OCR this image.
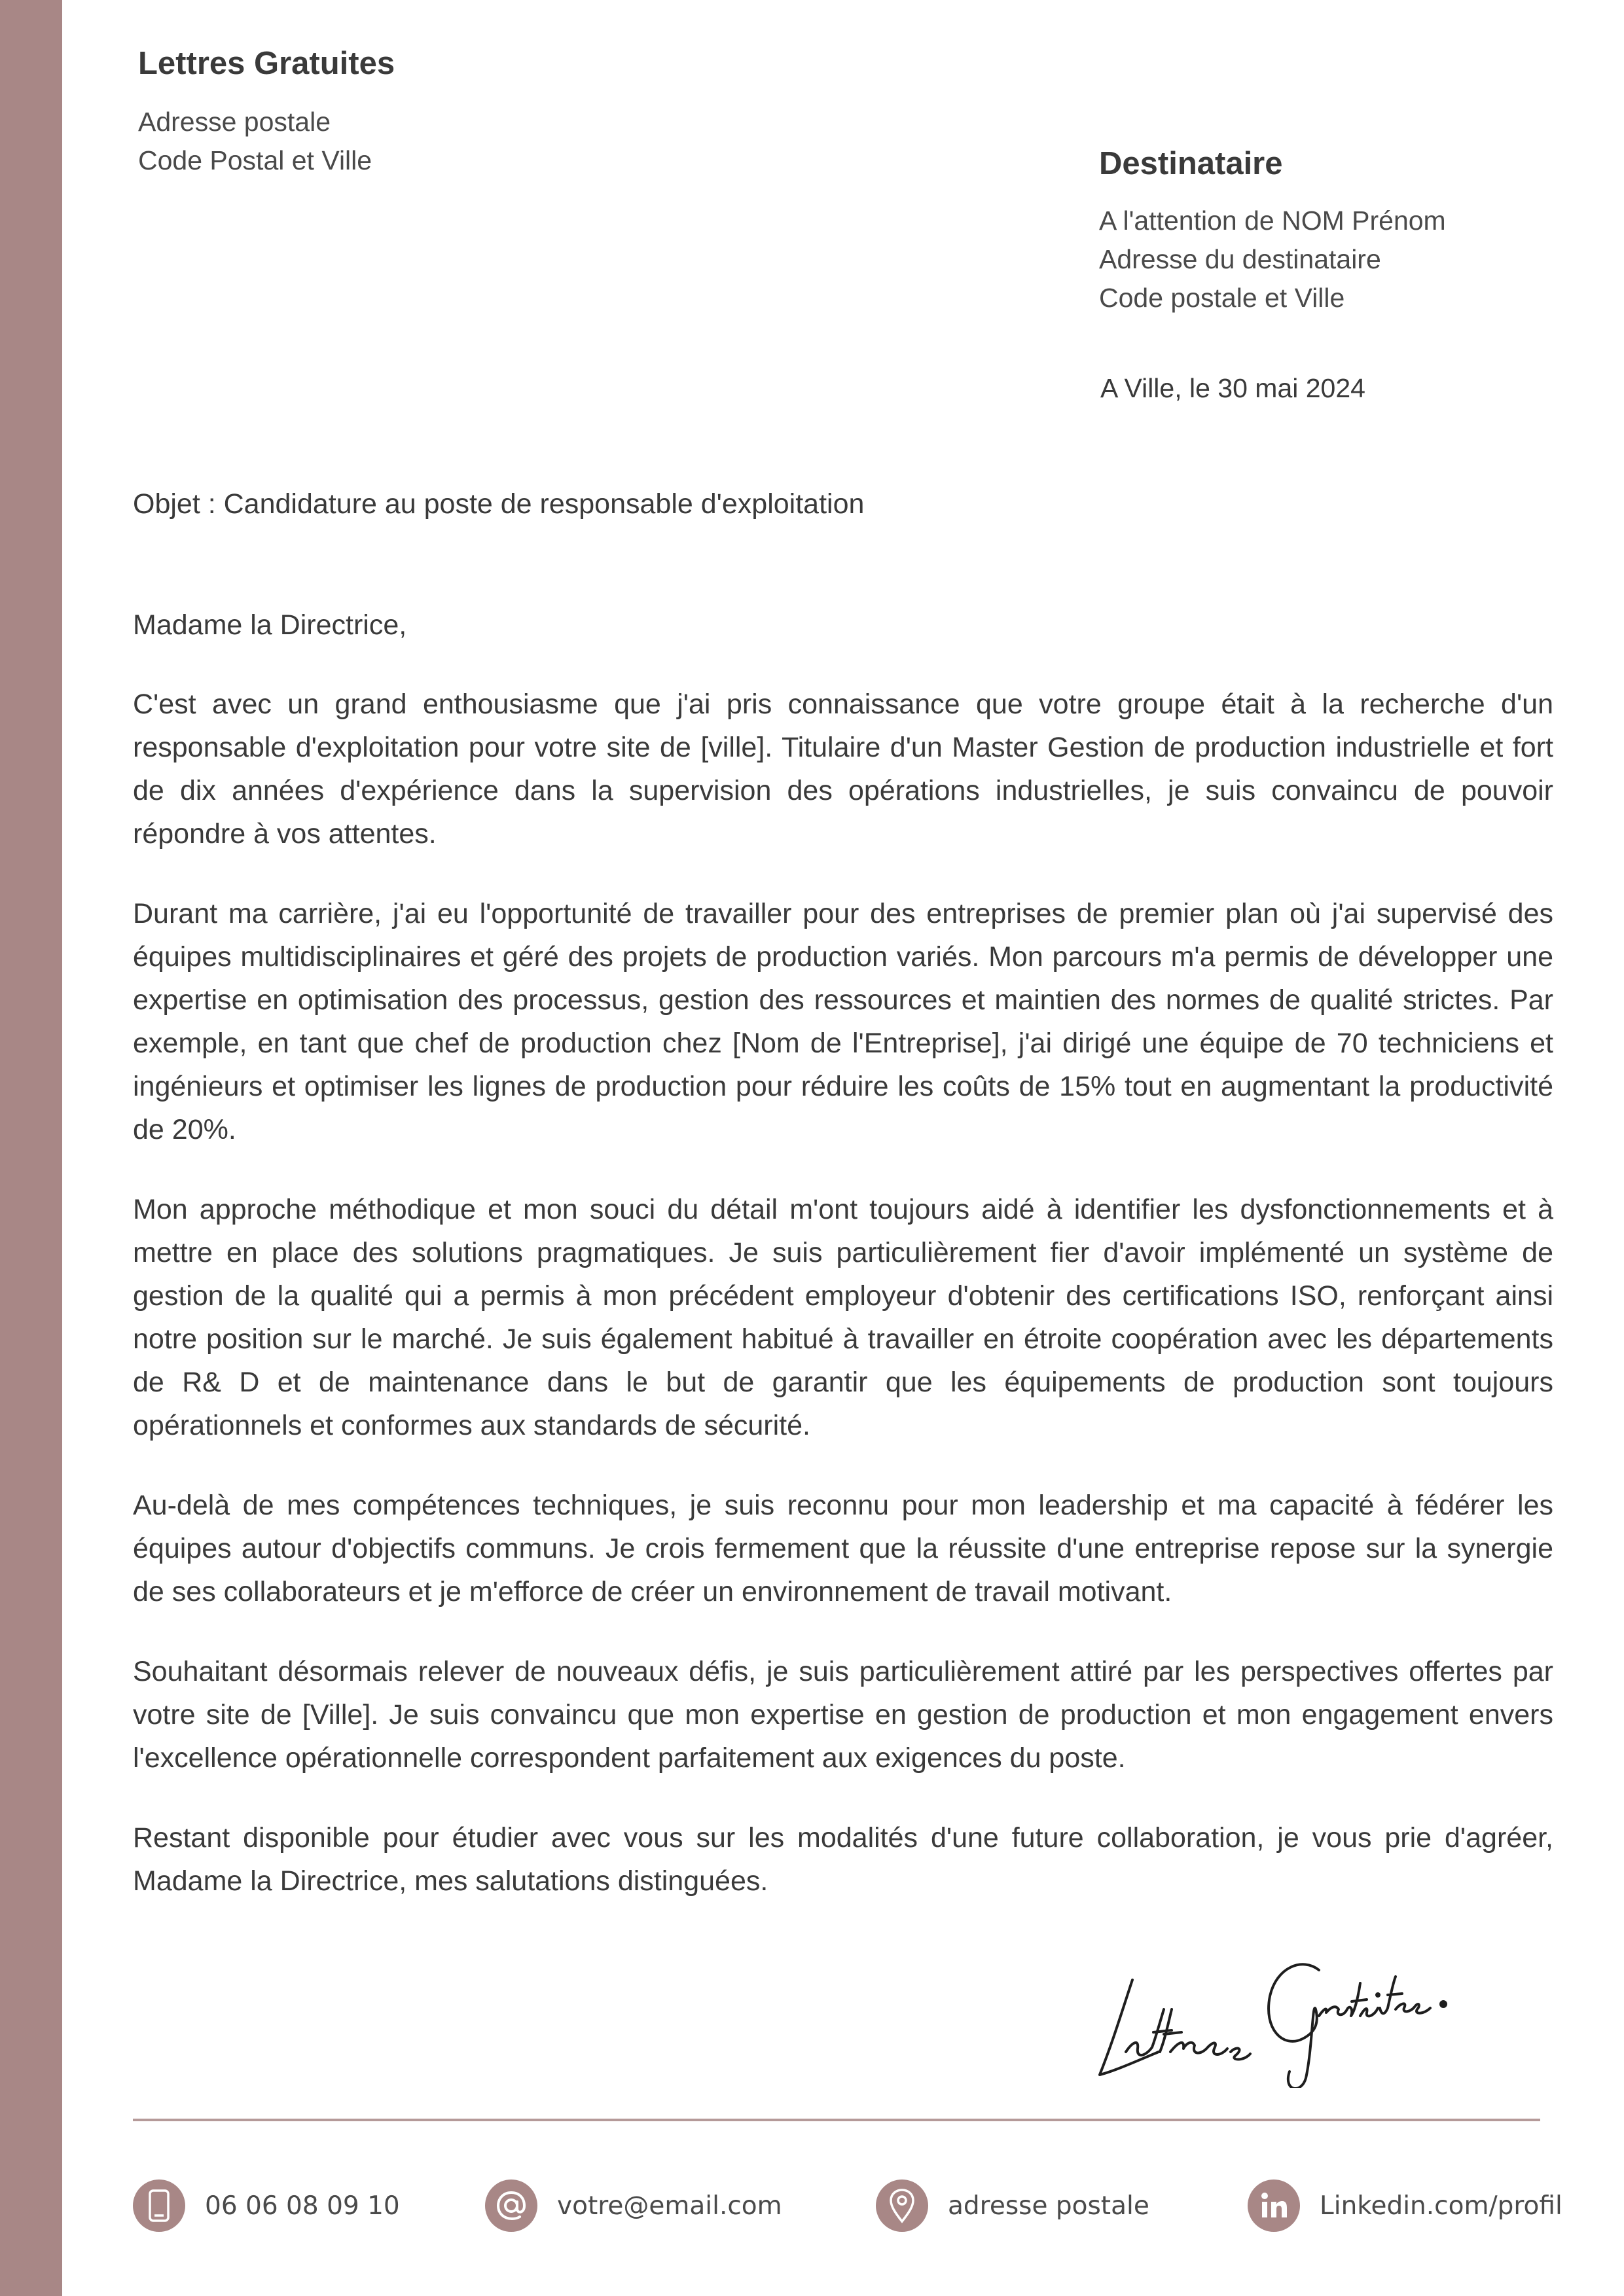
Lettres Gratuites
Adresse postale
Code Postal et Ville	Destinataire
A l'attention de NOM Prénom
Adresse du destinataire
Code postale et Ville
A Ville, le 30 mai 2024
Objet : Candidature au poste de responsable d'exploitation

Madame la Directrice,

C'est avec un grand enthousiasme que j'ai pris connaissance que votre groupe était à la recherche d'un responsable d'exploitation pour votre site de [ville]. Titulaire d'un Master Gestion de production industrielle et fort de dix années d'expérience dans la supervision des opérations industrielles, je suis convaincu de pouvoir répondre à vos attentes.

Durant ma carrière, j'ai eu l'opportunité de travailler pour des entreprises de premier plan où j'ai supervisé des équipes multidisciplinaires et géré des projets de production variés. Mon parcours m'a permis de développer une expertise en optimisation des processus, gestion des ressources et maintien des normes de qualité strictes. Par exemple, en tant que chef de production chez [Nom de l'Entreprise], j'ai dirigé une équipe de 70 techniciens et ingénieurs et optimiser les lignes de production pour réduire les coûts de 15% tout en augmentant la productivité de 20%.

Mon approche méthodique et mon souci du détail m'ont toujours aidé à identifier les dysfonctionnements et à mettre en place des solutions pragmatiques. Je suis particulièrement fier d'avoir implémenté un système de gestion de la qualité qui a permis à mon précédent employeur d'obtenir des certifications ISO, renforçant ainsi notre position sur le marché. Je suis également habitué à travailler en étroite coopération avec les départements de R& D et de maintenance dans le but de garantir que les équipements de production sont toujours opérationnels et conformes aux standards de sécurité.

Au-delà de mes compétences techniques, je suis reconnu pour mon leadership et ma capacité à fédérer les équipes autour d'objectifs communs. Je crois fermement que la réussite d'une entreprise repose sur la synergie de ses collaborateurs et je m'efforce de créer un environnement de travail motivant.

Souhaitant désormais relever de nouveaux défis, je suis particulièrement attiré par les perspectives offertes par votre site de [Ville]. Je suis convaincu que mon expertise en gestion de production et mon engagement envers l'excellence opérationnelle correspondent parfaitement aux exigences du poste.

Restant disponible pour étudier avec vous sur les modalités d'une future collaboration, je vous prie d'agréer, Madame la Directrice, mes salutations distinguées.

06 06 08 09 10	votre@email.com	adresse postale	Linkedin.com/profil
